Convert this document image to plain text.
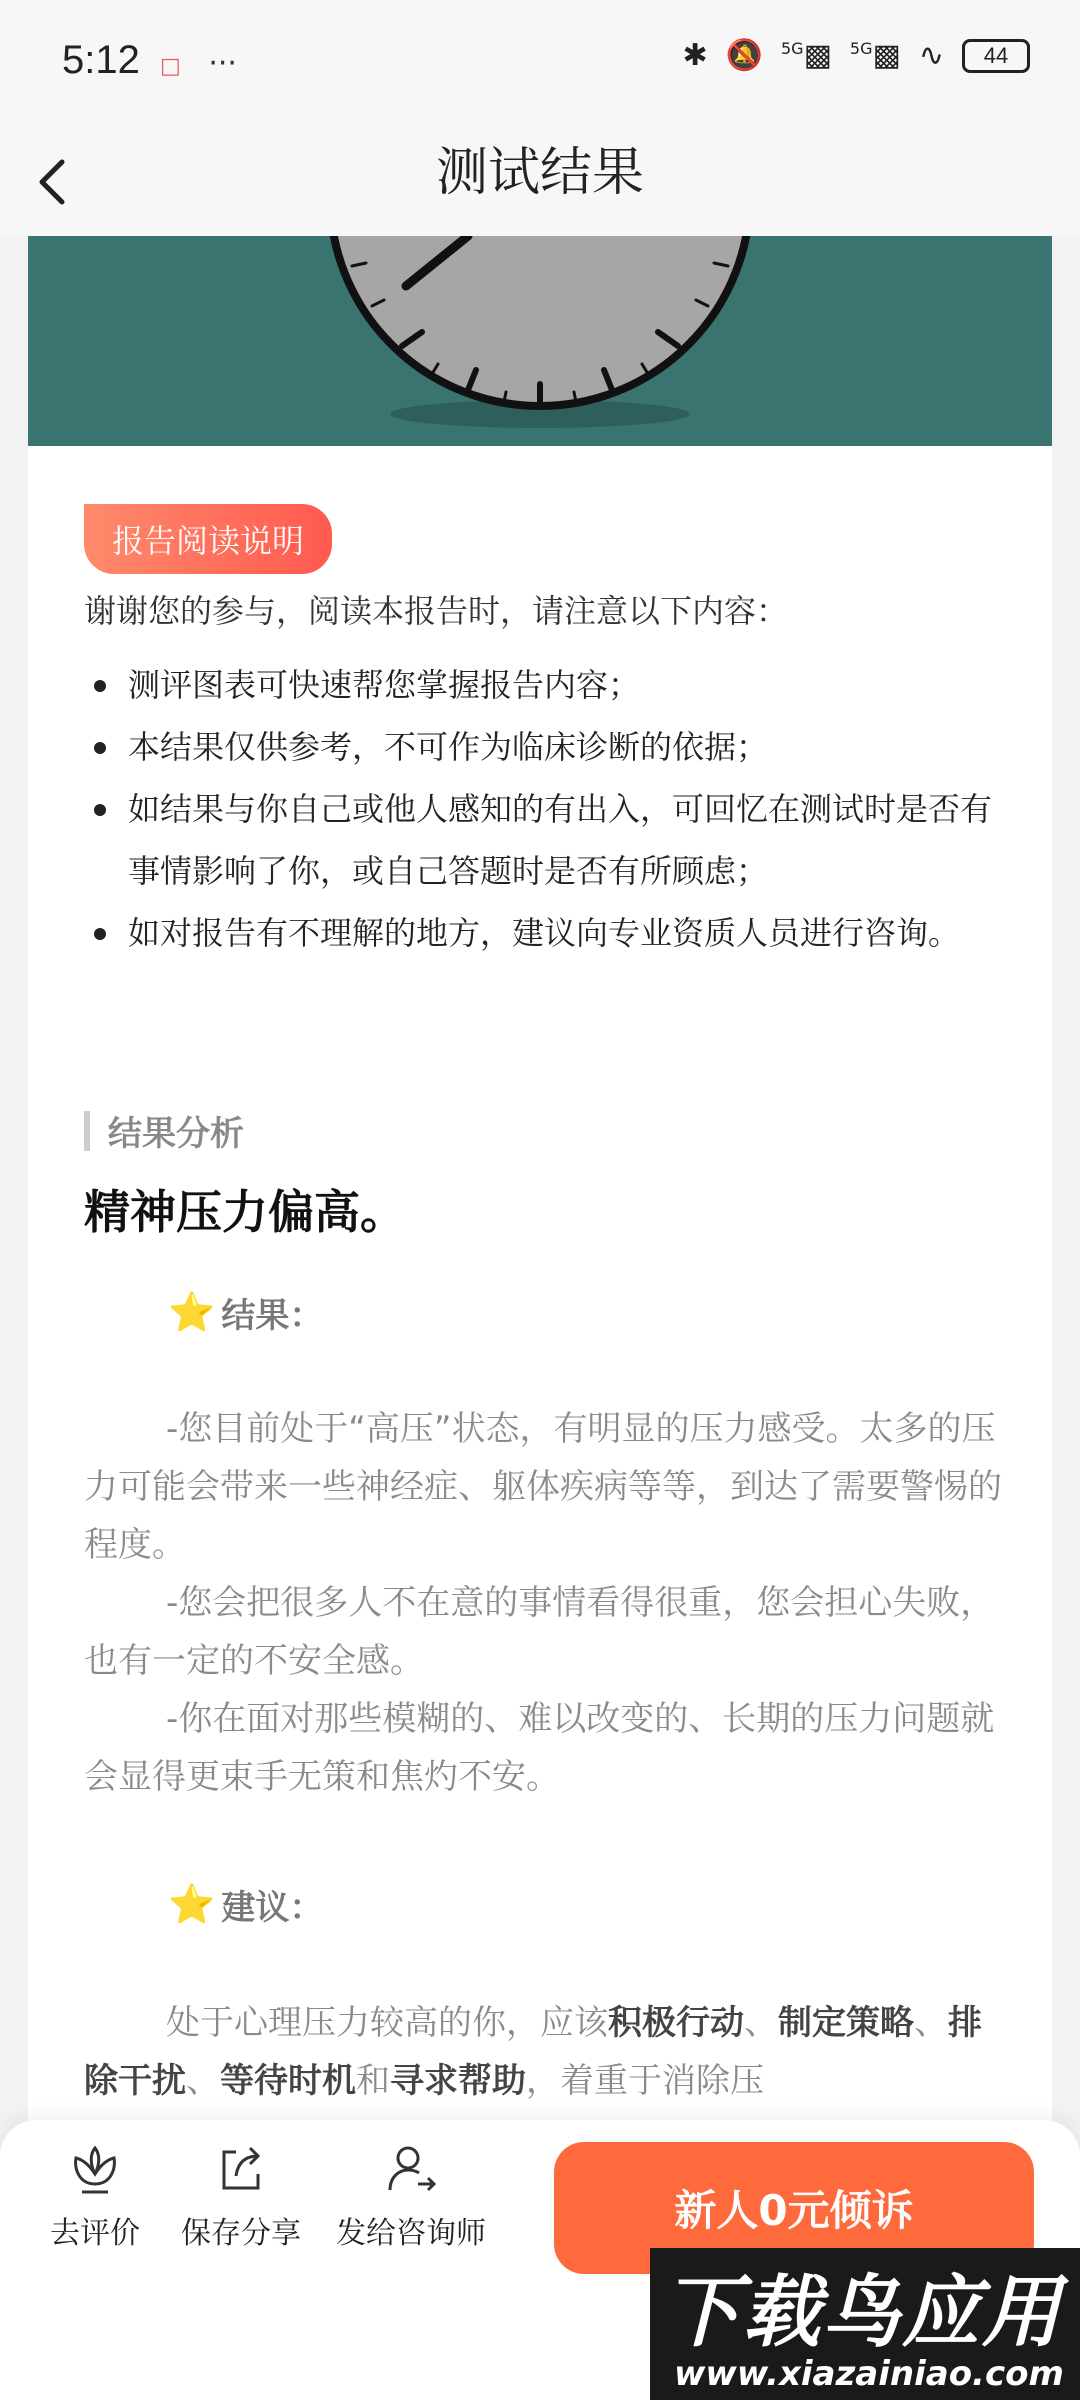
5:12 □ ···	✱ 🔕 $^{5G}$▩ $^{5G}$▩ ∿	44
测试结果
报告阅读说明
谢谢您的参与，阅读本报告时，请注意以下内容：
测评图表可快速帮您掌握报告内容；
本结果仅供参考，不可作为临床诊断的依据；
如结果与你自己或他人感知的有出入，可回忆在测试时是否有事情影响了你，或自己答题时是否有所顾虑；
如对报告有不理解的地方，建议向专业资质人员进行咨询。
结果分析
精神压力偏高。
⭐ 结果：

-您目前处于“高压”状态，有明显的压力感受。太多的压力可能会带来一些神经症、躯体疾病等等，到达了需要警惕的程度。

-您会把很多人不在意的事情看得很重，您会担心失败，也有一定的不安全感。

-你在面对那些模糊的、难以改变的、长期的压力问题就会显得更束手无策和焦灼不安。

⭐ 建议：

处于心理压力较高的你，应该积极行动、制定策略、排除干扰、等待时机和寻求帮助，着重于消除压

去评价 保存分享 发给咨询师	新人0元倾诉
下载鸟应用
www.xiazainiao.com
